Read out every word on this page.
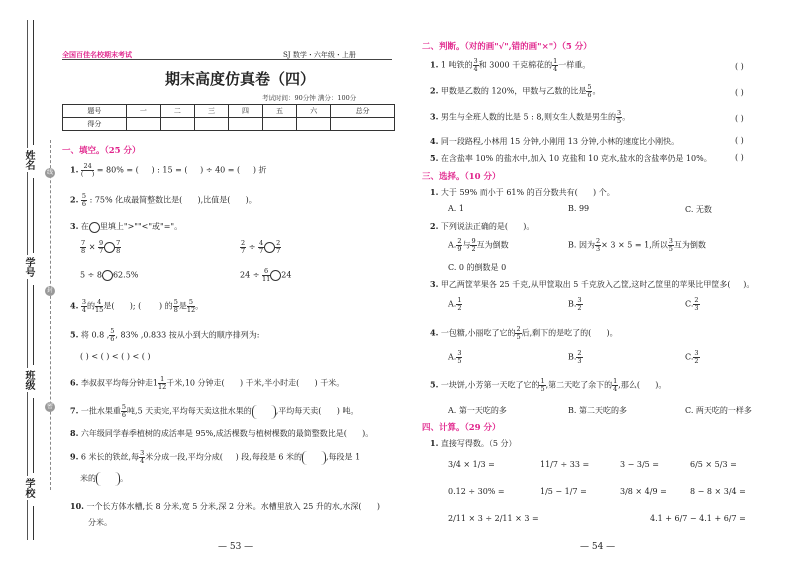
姓名
学号
班级
学校
线
封
密
全国百佳名校期末考试	SJ 数学・六年级・上册
期末高度仿真卷（四）
考试时间：90分钟 满分：100分
题号	一	二	三	四	五	六	总分
得分							
一、填空。（25 分）
1. $\frac{24}{( )} = 80\%$ = ( ) : 15 = ( ) ÷ 40 = ( ) 折
2. $\frac{5}{6}$ : 75% 化成最简整数比是( ),比值是( )。
3. 在 里填上">""<"或"="。
$\frac{7}{8} \times \frac{9}{7} \frac{7}{8}$	$\frac{2}{7} \div \frac{4}{7} \frac{2}{7}$
5 ÷ 8 62.5%	$24 \div \frac{6}{11} 24$
4. $\frac{3}{4}$ 的 $\frac{4}{15}$ 是( ); ( ) 的 $\frac{5}{8}$ 是 $\frac{5}{12}$ 。
5. 将 0.8 , $\frac{5}{6}$ , 83% ,0.833 按从小到大的顺序排列为:
( ) < ( ) < ( ) < ( )
6. 李叔叔平均每分钟走$1 \frac{1}{12}$ 千米,10 分钟走( ) 千米,半小时走( ) 千米。
7. 一批水果重 $\frac{5}{6}$ 吨,5 天卖完,平均每天卖这批水果的	,平均每天卖( ) 吨。
8. 六年级同学春季植树的成活率是 95%,成活棵数与植树棵数的最简整数比是( )。
9. 6 米长的铁丝,每 $\frac{3}{4}$ 米分成一段,平均分成( ) 段,每段是 6 米的	,每段是 1
米的	。
10. 一个长方体水槽,长 8 分米,宽 5 分米,深 2 分米。水槽里放入 25 升的水,水深( )
分米。
— 53 —
二、判断。（对的画"√",错的画"×"）（5 分）
1. 1 吨铁的 $\frac{3}{4}$ 和 3000 千克棉花的 $\frac{1}{4}$ 一样重。	( )
2. 甲数是乙数的 120%，甲数与乙数的比是 $\frac{5}{6}$ 。	( )
3. 男生与全班人数的比是 5 : 8,则女生人数是男生的 $\frac{3}{5}$ 。	( )
4. 同一段路程,小林用 15 分钟,小刚用 13 分钟,小林的速度比小刚快。	( )
5. 在含盐率 10% 的盐水中,加入 10 克盐和 10 克水,盐水的含盐率仍是 10%。	( )
三、选择。（10 分）
1. 大于 59% 而小于 61% 的百分数共有( ) 个。
A. 1	B. 99	C. 无数
2. 下列说法正确的是( )。
A. $\frac{2}{9}$ 与 $\frac{9}{2}$ 互为倒数	B. 因为 $\frac{2}{3} \times 3 \times 5 = 1$,所以 $\frac{3}{5}$ 互为倒数
C. 0 的倒数是 0
3. 甲乙两筐苹果各 25 千克,从甲筐取出 5 千克放入乙筐,这时乙筐里的苹果比甲筐多( )。
A. $\frac{1}{2}$	B. $\frac{3}{2}$	C. $\frac{2}{3}$
4. 一包糖,小丽吃了它的 $\frac{2}{5}$ 后,剩下的是吃了的( )。
A. $\frac{3}{5}$	B. $\frac{2}{3}$	C. $\frac{3}{2}$
5. 一块饼,小芳第一天吃了它的 $\frac{1}{5}$ ,第二天吃了余下的 $\frac{1}{4}$ ,那么( )。
A. 第一天吃的多	B. 第二天吃的多	C. 两天吃的一样多
四、计算。（29 分）
1. 直接写得数。（5 分）
3/4 × 1/3 =	11/7 ÷ 33 =	3 − 3/5 =	6/5 × 5/3 =
0.12 ÷ 30% =	1/5 − 1/7 =	3/8 × 4/9 =	8 − 8 × 3/4 =
2/11 × 3 ÷ 2/11 × 3 =	4.1 + 6/7 − 4.1 + 6/7 =
— 54 —
